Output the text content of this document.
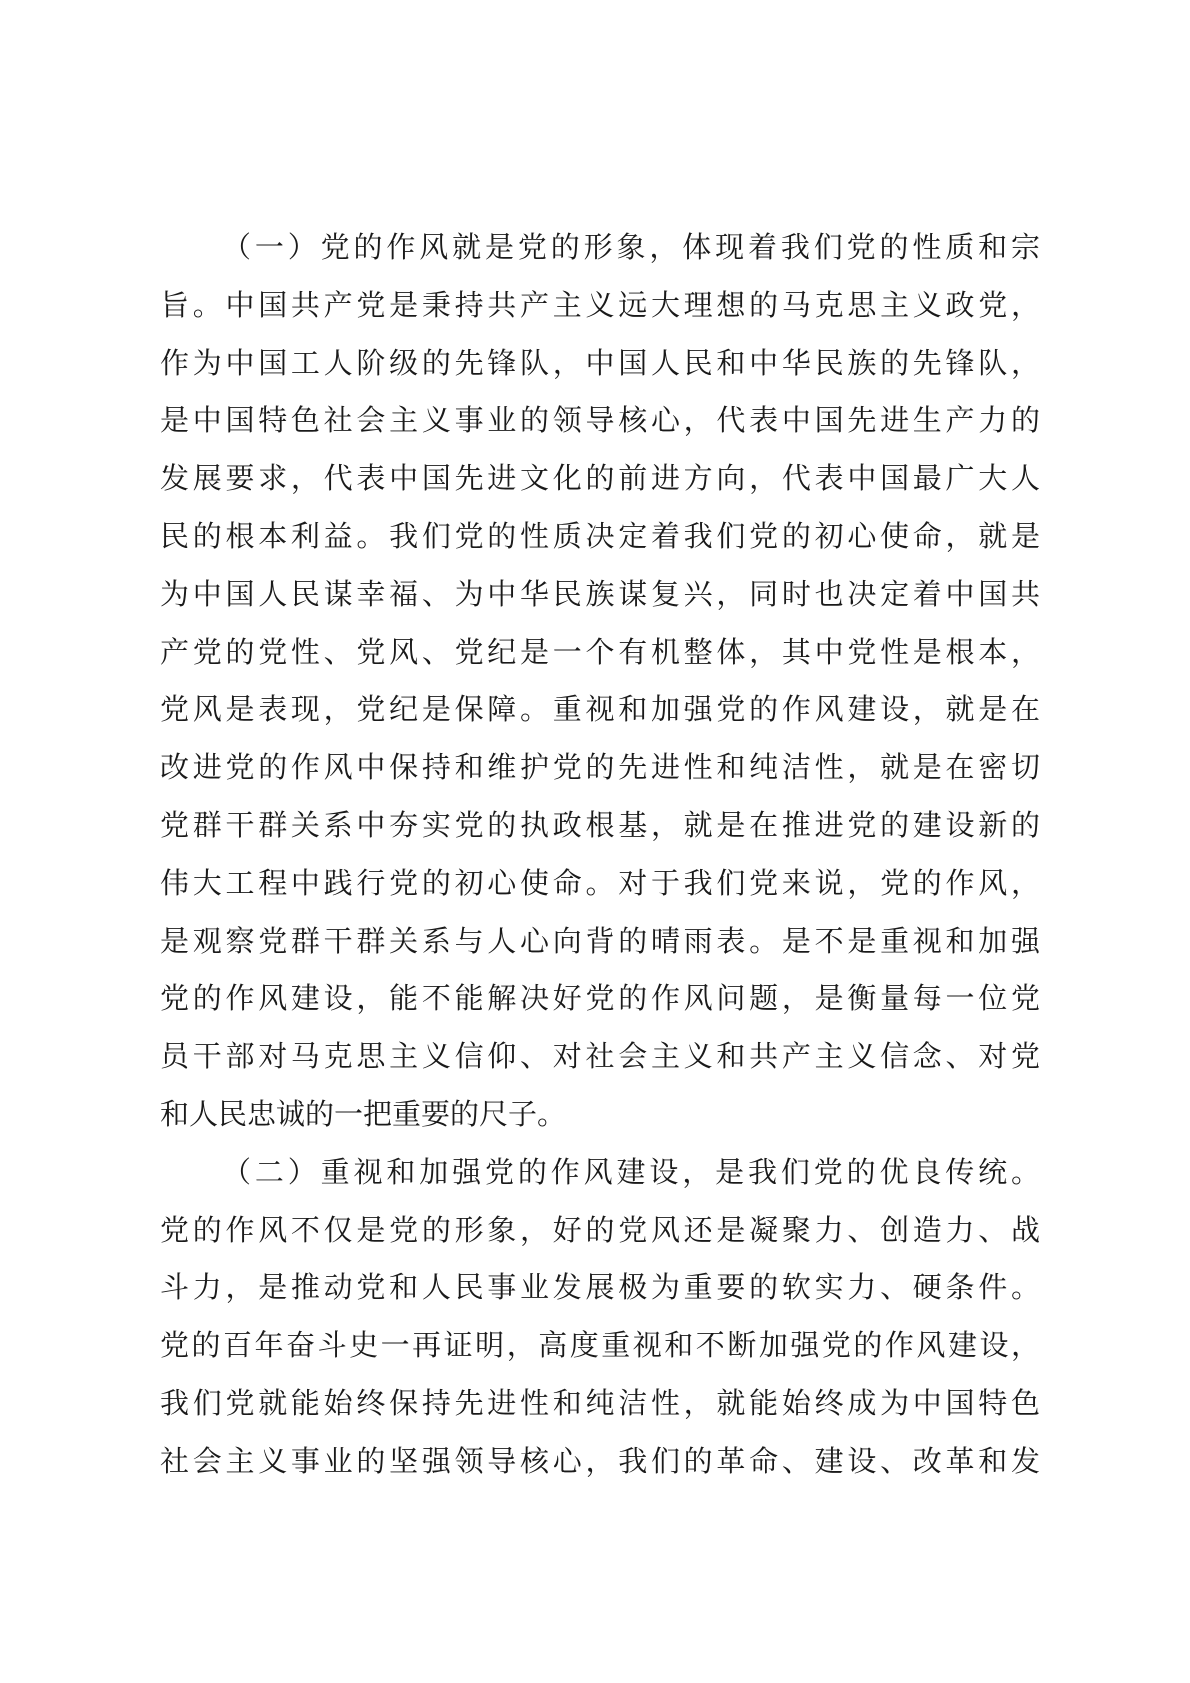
（一）党的作风就是党的形象，体现着我们党的性质和宗
旨。中国共产党是秉持共产主义远大理想的马克思主义政党，
作为中国工人阶级的先锋队，中国人民和中华民族的先锋队，
是中国特色社会主义事业的领导核心，代表中国先进生产力的
发展要求，代表中国先进文化的前进方向，代表中国最广大人
民的根本利益。我们党的性质决定着我们党的初心使命，就是
为中国人民谋幸福、为中华民族谋复兴，同时也决定着中国共
产党的党性、党风、党纪是一个有机整体，其中党性是根本，
党风是表现，党纪是保障。重视和加强党的作风建设，就是在
改进党的作风中保持和维护党的先进性和纯洁性，就是在密切
党群干群关系中夯实党的执政根基，就是在推进党的建设新的
伟大工程中践行党的初心使命。对于我们党来说，党的作风，
是观察党群干群关系与人心向背的晴雨表。是不是重视和加强
党的作风建设，能不能解决好党的作风问题，是衡量每一位党
员干部对马克思主义信仰、对社会主义和共产主义信念、对党
和人民忠诚的一把重要的尺子。
（二）重视和加强党的作风建设，是我们党的优良传统。
党的作风不仅是党的形象，好的党风还是凝聚力、创造力、战
斗力，是推动党和人民事业发展极为重要的软实力、硬条件。
党的百年奋斗史一再证明，高度重视和不断加强党的作风建设，
我们党就能始终保持先进性和纯洁性，就能始终成为中国特色
社会主义事业的坚强领导核心，我们的革命、建设、改革和发
